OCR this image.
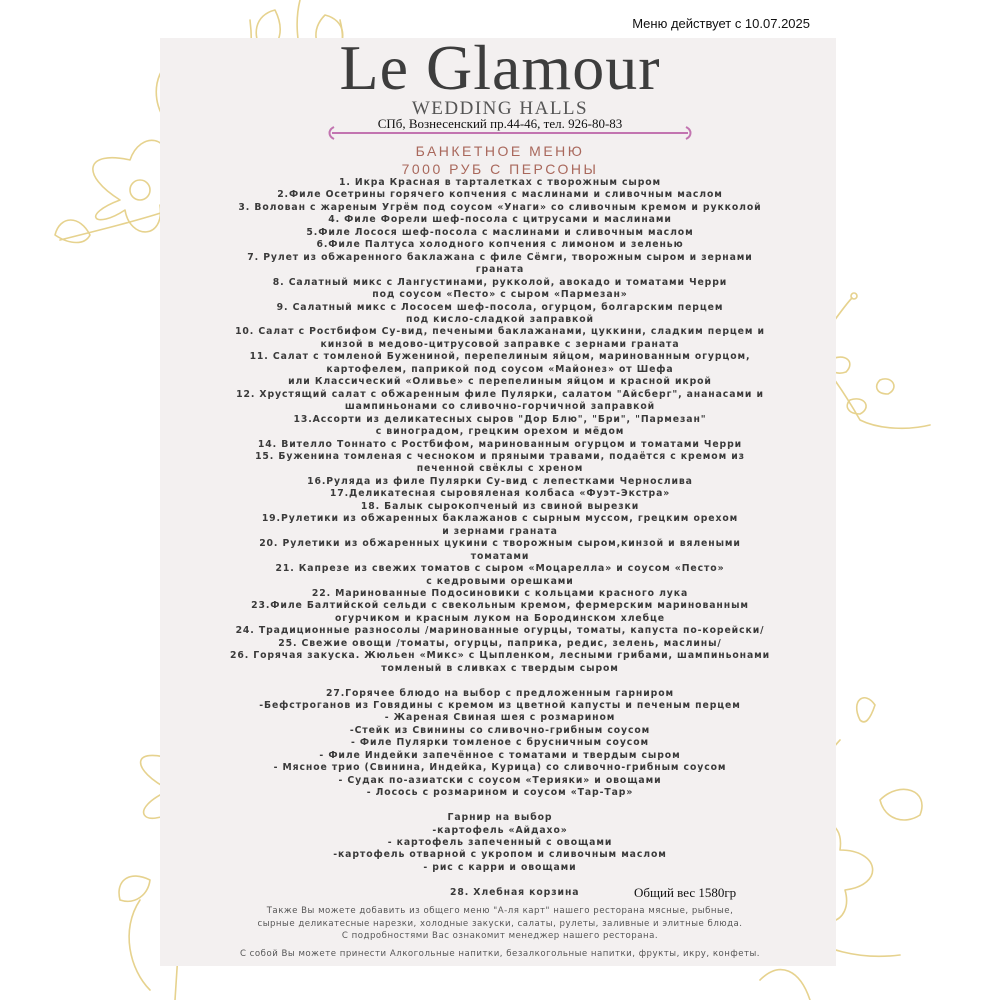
Меню действует с 10.07.2025
Le Glamour
WEDDING HALLS
СПб, Вознесенский пр.44-46, тел. 926-80-83
БАНКЕТНОЕ МЕНЮ
7000 РУБ С ПЕРСОНЫ
1. Икра Красная в тарталетках с творожным сыром
2.Филе Осетрины горячего копчения с маслинами и сливочным маслом
3. Волован с жареным Угрём под соусом «Унаги» со сливочным кремом и рукколой
4. Филе Форели шеф-посола с цитрусами и маслинами
5.Филе Лосося шеф-посола с маслинами и сливочным маслом
6.Филе Палтуса холодного копчения с лимоном и зеленью
7. Рулет из обжаренного баклажана с филе Сёмги, творожным сыром и зернами
граната
8. Салатный микс с Лангустинами, рукколой, авокадо и томатами Черри
под соусом «Песто» с сыром «Пармезан»
9. Салатный микс с Лососем шеф-посола, огурцом, болгарским перцем
под кисло-сладкой заправкой
10. Салат с Ростбифом Су-вид, печеными баклажанами, цуккини, сладким перцем и
кинзой в медово-цитрусовой заправке с зернами граната
11. Салат с томленой Бужениной, перепелиным яйцом, маринованным огурцом,
картофелем, паприкой под соусом «Майонез» от Шефа
или Классический «Оливье» с перепелиным яйцом и красной икрой
12. Хрустящий салат с обжаренным филе Пулярки, салатом "Айсберг", ананасами и
шампиньонами со сливочно-горчичной заправкой
13.Ассорти из деликатесных сыров "Дор Блю", "Бри", "Пармезан"
с виноградом, грецким орехом и мёдом
14. Вителло Тоннато с Ростбифом, маринованным огурцом и томатами Черри
15. Буженина томленая с чесноком и пряными травами, подаётся с кремом из
печенной свёклы с хреном
16.Руляда из филе Пулярки Су-вид с лепестками Чернослива
17.Деликатесная сыровяленая колбаса «Фуэт-Экстра»
18. Балык сырокопченый из свиной вырезки
19.Рулетики из обжаренных баклажанов с сырным муссом, грецким орехом
и зернами граната
20. Рулетики из обжаренных цукини с творожным сыром,кинзой и вялеными
томатами
21. Капрезе из свежих томатов с сыром «Моцарелла» и соусом «Песто»
с кедровыми орешками
22. Маринованные Подосиновики с кольцами красного лука
23.Филе Балтийской сельди с свекольным кремом, фермерским маринованным
огурчиком и красным луком на Бородинском хлебце
24. Традиционные разносолы /маринованные огурцы, томаты, капуста по-корейски/
25. Свежие овощи /томаты, огурцы, паприка, редис, зелень, маслины/
26. Горячая закуска. Жюльен «Микс» с Цыпленком, лесными грибами, шампиньонами
томленый в сливках с твердым сыром
27.Горячее блюдо на выбор с предложенным гарниром
-Бефстроганов из Говядины с кремом из цветной капусты и печеным перцем
- Жареная Свиная шея с розмарином
-Стейк из Свинины со сливочно-грибным соусом
- Филе Пулярки томленое с брусничным соусом
- Филе Индейки запечённое с томатами и твердым сыром
- Мясное трио (Свинина, Индейка, Курица) со сливочно-грибным соусом
- Судак по-азиатски с соусом «Терияки» и овощами
- Лосось с розмарином и соусом «Тар-Тар»
Гарнир на выбор
-картофель «Айдахо»
- картофель запеченный с овощами
-картофель отварной с укропом и сливочным маслом
- рис с карри и овощами
28. Хлебная корзина	Общий вес 1580гр
Также Вы можете добавить из общего меню "А-ля карт" нашего ресторана мясные, рыбные,
сырные деликатесные нарезки, холодные закуски, салаты, рулеты, заливные и элитные блюда.
С подробностями Вас ознакомит менеджер нашего ресторана.
С собой Вы можете принести Алкогольные напитки, безалкогольные напитки, фрукты, икру, конфеты.
